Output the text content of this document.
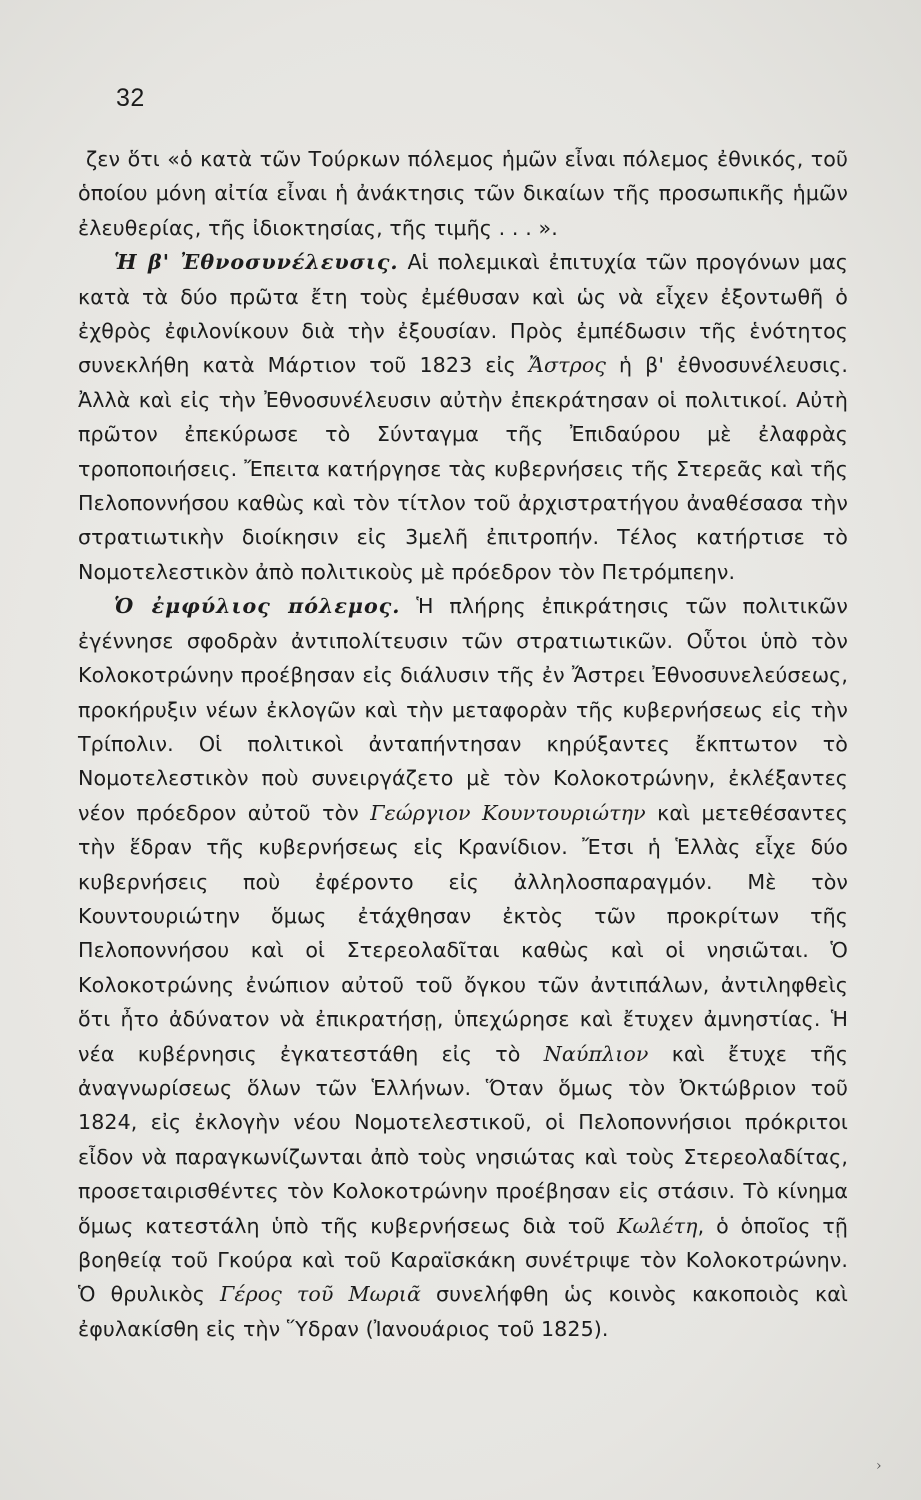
32

ζεν ὅτι «ὁ κατὰ τῶν Τούρκων πόλεμος ἡμῶν εἶναι πόλεμος ἐθνικός, τοῦ ὁποίου μόνη αἰτία εἶναι ἡ ἀνάκτησις τῶν δικαίων τῆς προσωπικῆς ἡμῶν ἐλευθερίας, τῆς ἰδιοκτησίας, τῆς τιμῆς . . . ».

Ἡ β' Ἐθνοσυνέλευσις. Αἱ πολεμικαὶ ἐπιτυχία τῶν προγόνων μας κατὰ τὰ δύο πρῶτα ἔτη τοὺς ἐμέθυσαν καὶ ὡς νὰ εἶχεν ἐξοντωθῆ ὁ ἐχθρὸς ἐφιλονίκουν διὰ τὴν ἐξουσίαν. Πρὸς ἐμπέδωσιν τῆς ἑνότητος συνεκλήθη κατὰ Μάρτιον τοῦ 1823 εἰς Ἄστρος ἡ β' ἐθνοσυνέλευσις. Ἀλλὰ καὶ εἰς τὴν Ἐθνοσυνέλευσιν αὐτὴν ἐπεκράτησαν οἱ πολιτικοί. Αὐτὴ πρῶτον ἐπεκύρωσε τὸ Σύνταγμα τῆς Ἐπιδαύρου μὲ ἐλαφρὰς τροποποιήσεις. Ἔπειτα κατήργησε τὰς κυβερνήσεις τῆς Στερεᾶς καὶ τῆς Πελοποννήσου καθὼς καὶ τὸν τίτλον τοῦ ἀρχιστρατήγου ἀναθέσασα τὴν στρατιωτικὴν διοίκησιν εἰς 3μελῆ ἐπιτροπήν. Τέλος κατήρτισε τὸ Νομοτελεστικὸν ἀπὸ πολιτικοὺς μὲ πρόεδρον τὸν Πετρόμπεην.

Ὁ ἐμφύλιος πόλεμος. Ἡ πλήρης ἐπικράτησις τῶν πολιτικῶν ἐγέννησε σφοδρὰν ἀντιπολίτευσιν τῶν στρατιωτικῶν. Οὗτοι ὑπὸ τὸν Κολοκοτρώνην προέβησαν εἰς διάλυσιν τῆς ἐν Ἄστρει Ἐθνοσυνελεύσεως, προκήρυξιν νέων ἐκλογῶν καὶ τὴν μεταφορὰν τῆς κυβερνήσεως εἰς τὴν Τρίπολιν. Οἱ πολιτικοὶ ἀνταπήντησαν κηρύξαντες ἔκπτωτον τὸ Νομοτελεστικὸν ποὺ συνειργάζετο μὲ τὸν Κολοκοτρώνην, ἐκλέξαντες νέον πρόεδρον αὐτοῦ τὸν Γεώργιον Κουντουριώτην καὶ μετεθέσαντες τὴν ἕδραν τῆς κυβερνήσεως εἰς Κρανίδιον. Ἔτσι ἡ Ἑλλὰς εἶχε δύο κυβερνήσεις ποὺ ἐφέροντο εἰς ἀλληλοσπαραγμόν. Μὲ τὸν Κουντουριώτην ὅμως ἐτάχθησαν ἐκτὸς τῶν προκρίτων τῆς Πελοποννήσου καὶ οἱ Στερεολαδῖται καθὼς καὶ οἱ νησιῶται. Ὁ Κολοκοτρώνης ἐνώπιον αὐτοῦ τοῦ ὄγκου τῶν ἀντιπάλων, ἀντιληφθεὶς ὅτι ἦτο ἀδύνατον νὰ ἐπικρατήσῃ, ὑπεχώρησε καὶ ἔτυχεν ἀμνηστίας. Ἡ νέα κυβέρνησις ἐγκατεστάθη εἰς τὸ Ναύπλιον καὶ ἔτυχε τῆς ἀναγνωρίσεως ὅλων τῶν Ἑλλήνων. Ὅταν ὅμως τὸν Ὀκτώβριον τοῦ 1824, εἰς ἐκλογὴν νέου Νομοτελεστικοῦ, οἱ Πελοποννήσιοι πρόκριτοι εἶδον νὰ παραγκωνίζωνται ἀπὸ τοὺς νησιώτας καὶ τοὺς Στερεολαδίτας, προσεταιρισθέντες τὸν Κολοκοτρώνην προέβησαν εἰς στάσιν. Τὸ κίνημα ὅμως κατεστάλη ὑπὸ τῆς κυβερνήσεως διὰ τοῦ Κωλέτη, ὁ ὁποῖος τῇ βοηθείᾳ τοῦ Γκούρα καὶ τοῦ Καραϊσκάκη συνέτριψε τὸν Κολοκοτρώνην. Ὁ θρυλικὸς Γέρος τοῦ Μωριᾶ συνελήφθη ὡς κοινὸς κακοποιὸς καὶ ἐφυλακίσθη εἰς τὴν Ὕδραν (Ἰανουάριος τοῦ 1825).

›
